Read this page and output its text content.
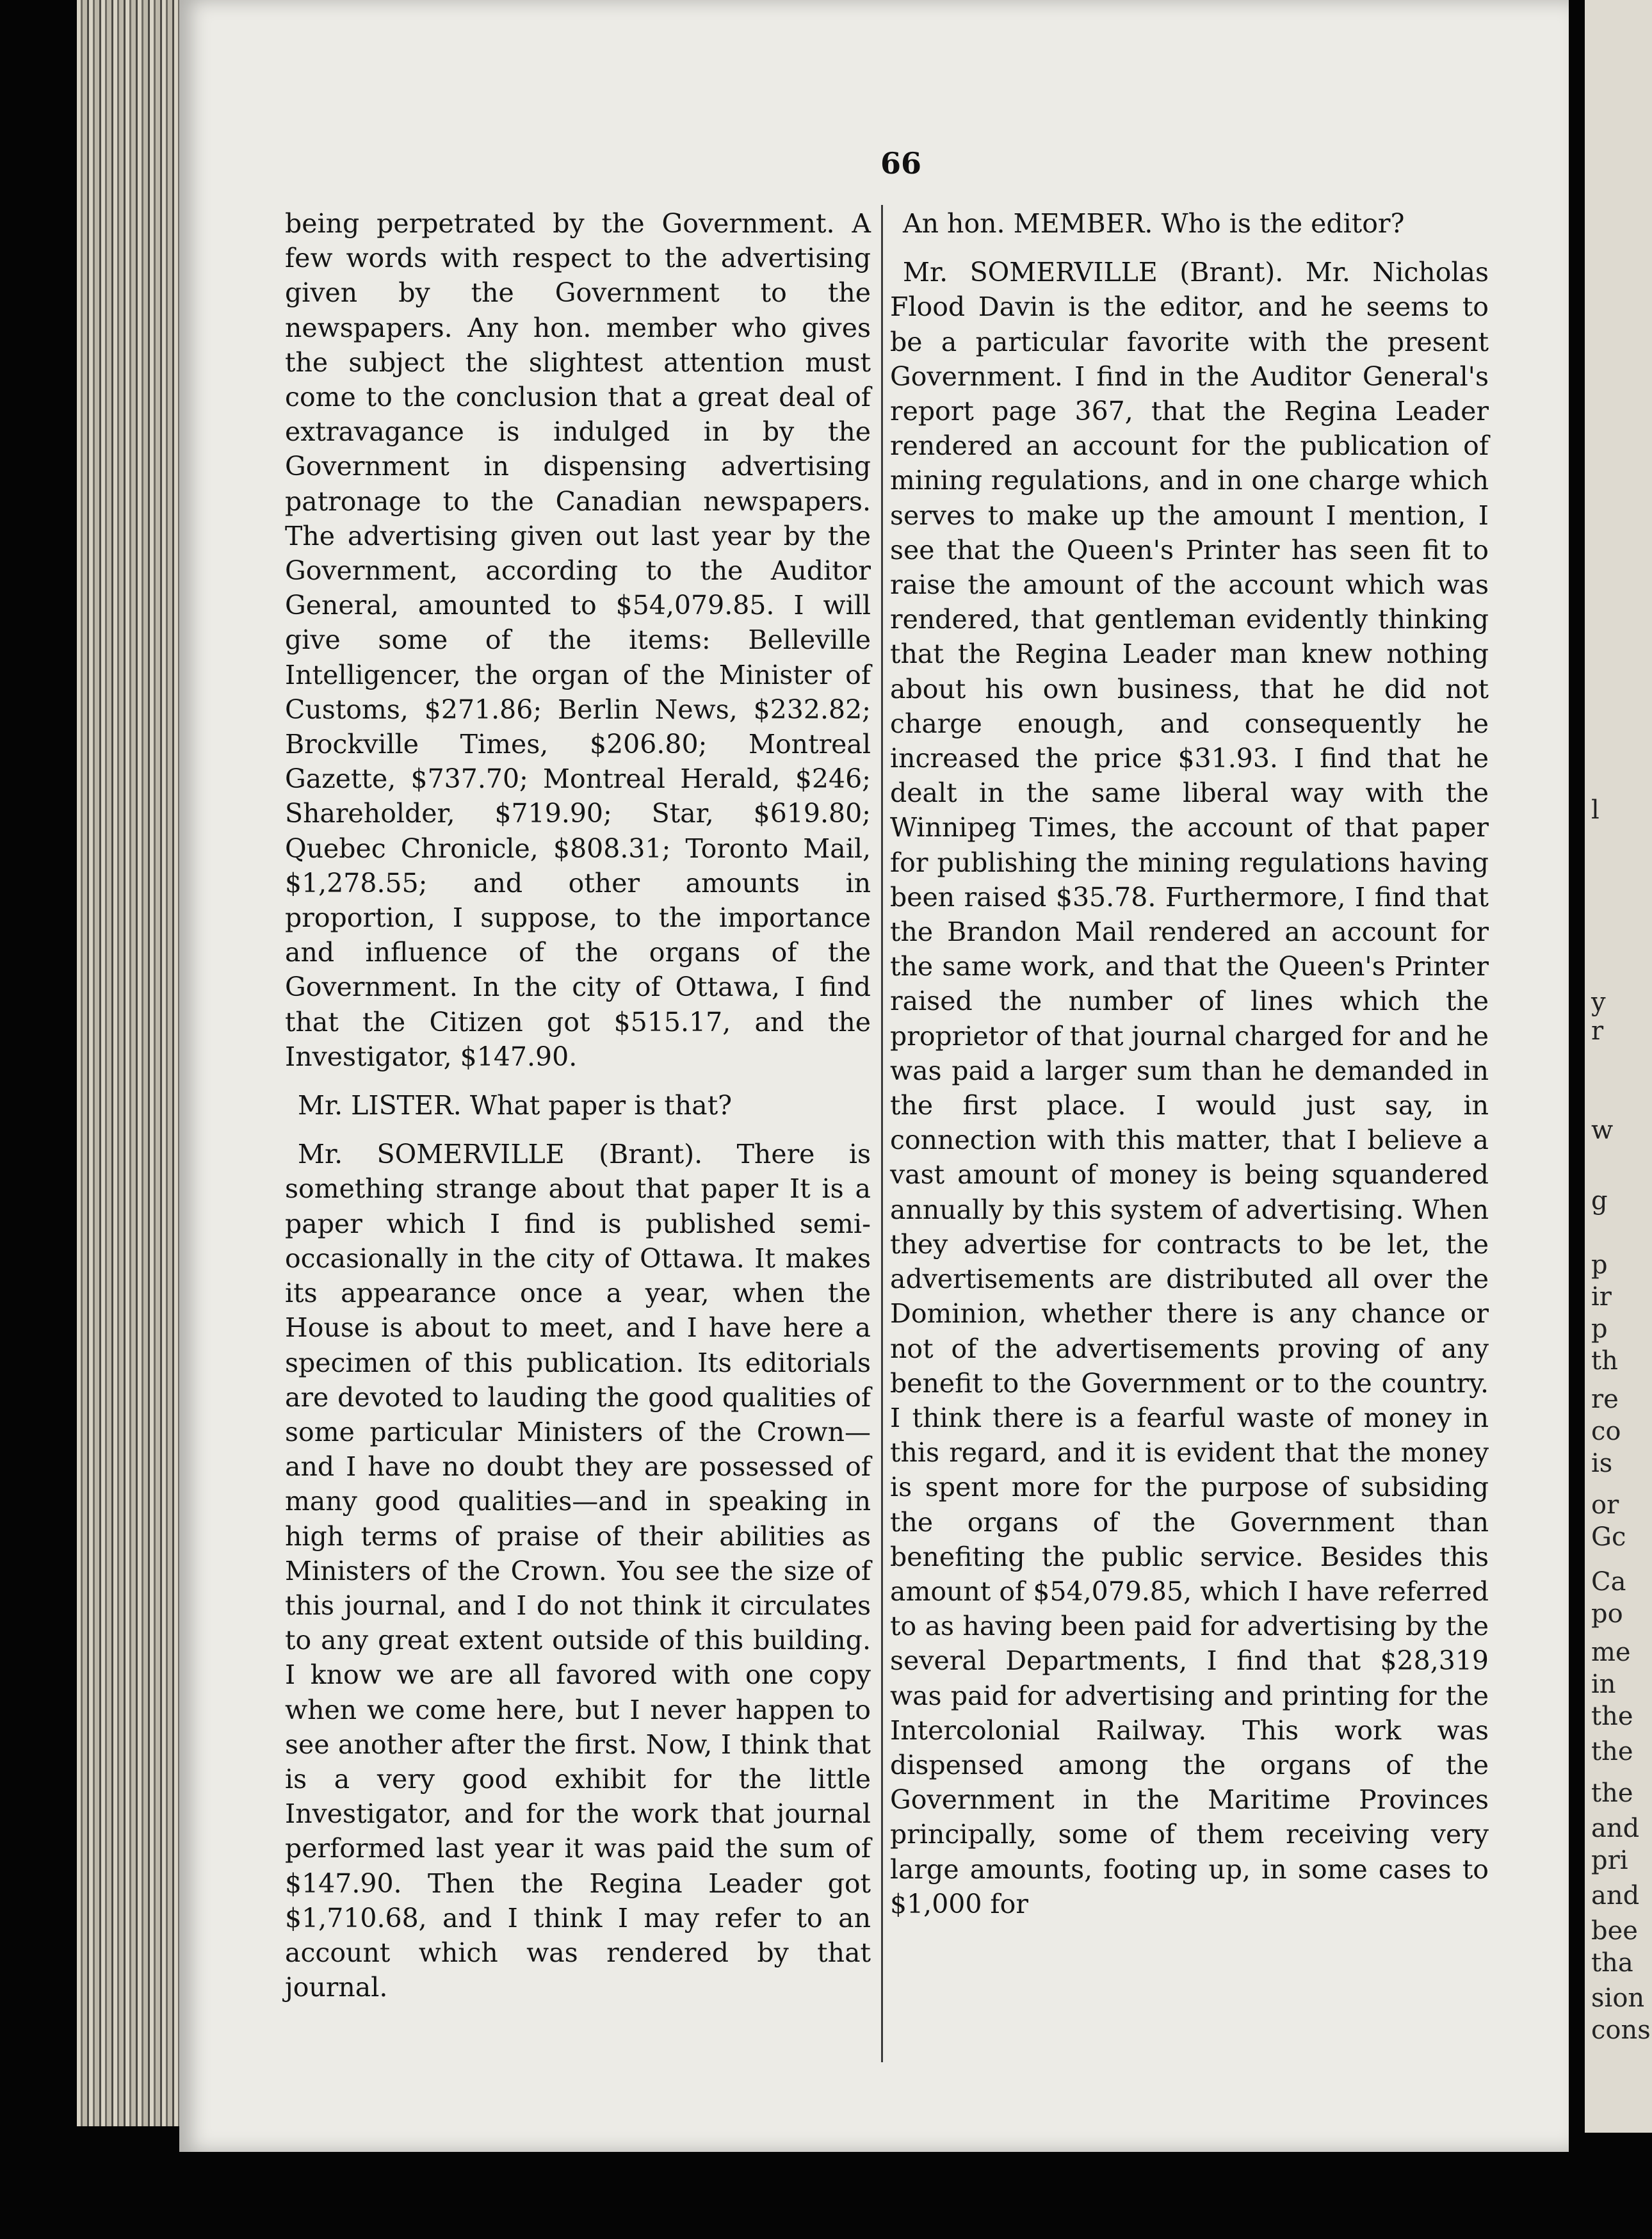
l
y
r
w
g
p
ir
p
th
re
co
is
or
Gc
Ca
po
me
in
the
the
the
and
pri
and
bee
tha
sion
cons
66

being perpetrated by the Government. A few words with respect to the advertising given by the Government to the newspapers. Any hon. member who gives the subject the slightest attention must come to the conclusion that a great deal of extravagance is indulged in by the Government in dispensing advertising patronage to the Canadian newspapers. The advertising given out last year by the Government, according to the Auditor General, amounted to $54,079.85. I will give some of the items: Belleville Intelligencer, the organ of the Minister of Customs, $271.86; Berlin News, $232.82; Brockville Times, $206.80; Montreal Gazette, $737.70; Montreal Herald, $246; Shareholder, $719.90; Star, $619.80; Quebec Chronicle, $808.31; Toronto Mail, $1,278.55; and other amounts in proportion, I suppose, to the importance and influence of the organs of the Government. In the city of Ottawa, I find that the Citizen got $515.17, and the Investigator, $147.90.

Mr. LISTER. What paper is that?

Mr. SOMERVILLE (Brant). There is something strange about that paper It is a paper which I find is published semi-occasionally in the city of Ottawa. It makes its appearance once a year, when the House is about to meet, and I have here a specimen of this publication. Its editorials are devoted to lauding the good qualities of some particular Ministers of the Crown—and I have no doubt they are possessed of many good qualities—and in speaking in high terms of praise of their abilities as Ministers of the Crown. You see the size of this journal, and I do not think it circulates to any great extent outside of this building. I know we are all favored with one copy when we come here, but I never happen to see another after the first. Now, I think that is a very good exhibit for the little Investigator, and for the work that journal performed last year it was paid the sum of $147.90. Then the Regina Leader got $1,710.68, and I think I may refer to an account which was rendered by that journal.

An hon. MEMBER. Who is the editor?

Mr. SOMERVILLE (Brant). Mr. Nicholas Flood Davin is the editor, and he seems to be a particular favorite with the present Government. I find in the Auditor General's report page 367, that the Regina Leader rendered an account for the publication of mining regulations, and in one charge which serves to make up the amount I mention, I see that the Queen's Printer has seen fit to raise the amount of the account which was rendered, that gentleman evidently thinking that the Regina Leader man knew nothing about his own business, that he did not charge enough, and consequently he increased the price $31.93. I find that he dealt in the same liberal way with the Winnipeg Times, the account of that paper for publishing the mining regulations having been raised $35.78. Furthermore, I find that the Brandon Mail rendered an account for the same work, and that the Queen's Printer raised the number of lines which the proprietor of that journal charged for and he was paid a larger sum than he demanded in the first place. I would just say, in connection with this matter, that I believe a vast amount of money is being squandered annually by this system of advertising. When they advertise for contracts to be let, the advertisements are distributed all over the Dominion, whether there is any chance or not of the advertisements proving of any benefit to the Government or to the country. I think there is a fearful waste of money in this regard, and it is evident that the money is spent more for the purpose of subsiding the organs of the Government than benefiting the public service. Besides this amount of $54,079.85, which I have referred to as having been paid for advertising by the several Departments, I find that $28,319 was paid for advertising and printing for the Intercolonial Railway. This work was dispensed among the organs of the Government in the Maritime Provinces principally, some of them receiving very large amounts, footing up, in some cases to $1,000 for
